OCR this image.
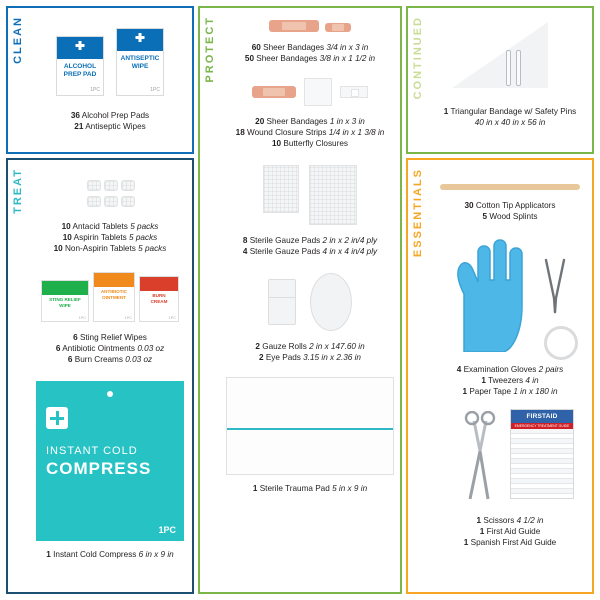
CLEAN
ALCOHOL
PREP PAD
1PC
ANTISEPTIC
WIPE
1PC
36 Alcohol Prep Pads
21 Antiseptic Wipes
TREAT
10 Antacid Tablets 5 packs
10 Aspirin Tablets 5 packs
10 Non-Aspirin Tablets 5 packs
STING RELIEF
WIPE
1PC
ANTIBIOTIC
OINTMENT
1PC
BURN
CREAM
1PC
6 Sting Relief Wipes
6 Antibiotic Ointments 0.03 oz
6 Burn Creams 0.03 oz
INSTANT COLD
COMPRESS
1PC
1 Instant Cold Compress 6 in x 9 in
PROTECT	60 Sheer Bandages 3/4 in x 3 in
50 Sheer Bandages 3/8 in x 1 1/2 in
20 Sheer Bandages 1 in x 3 in
18 Wound Closure Strips 1/4 in x 1 3/8 in
10 Butterfly Closures
8 Sterile Gauze Pads 2 in x 2 in/4 ply
4 Sterile Gauze Pads 4 in x 4 in/4 ply
2 Gauze Rolls 2 in x 147.60 in
2 Eye Pads 3.15 in x 2.36 in
1 Sterile Trauma Pad 5 in x 9 in
CONTINUED
1 Triangular Bandage w/ Safety Pins
40 in x 40 in x 56 in
ESSENTIALS	30 Cotton Tip Applicators
5 Wood Splints
4 Examination Gloves 2 pairs
1 Tweezers 4 in
1 Paper Tape 1 in x 180 in
FIRSTAID
EMERGENCY TREATMENT GUIDE
1 Scissors 4 1/2 in
1 First Aid Guide
1 Spanish First Aid Guide
